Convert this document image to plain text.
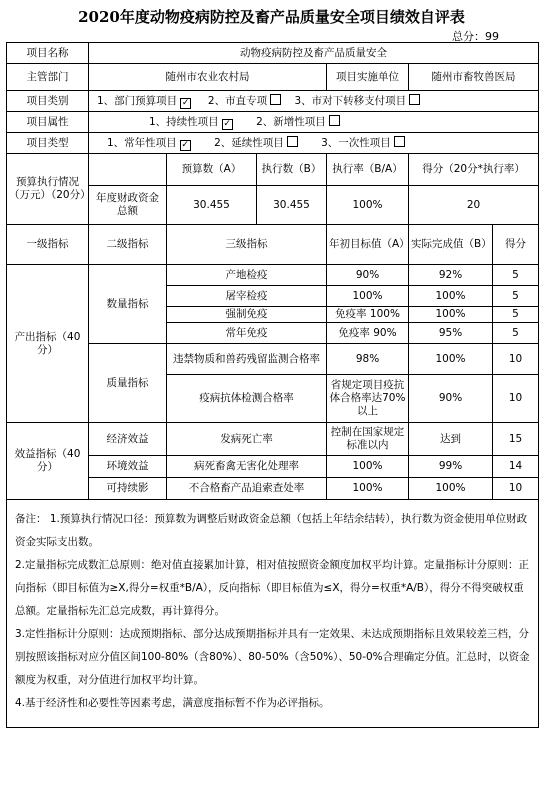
2020年度动物疫病防控及畜产品质量安全项目绩效自评表
总分：99
项目名称	动物疫病防控及畜产品质量安全					
主管部门	随州市农业农村局			项目实施单位	随州市畜牧兽医局	
项目类别	1、部门预算项目 ✓ 2、市直专项 3、市对下转移支付项目					
项目属性	1、持续性项目 ✓ 2、新增性项目					
项目类型	1、常年性项目 ✓ 2、延续性项目 3、一次性项目					
预算执行情况（万元）（20分）		预算数（A）	执行数（B）	执行率（B/A）	得分（20分*执行率）	
	年度财政资金总额	30.455	30.455	100%	20	
一级指标	二级指标	三级指标		年初目标值（A）	实际完成值（B）	得分
产出指标（40分）	数量指标	产地检疫		90%	92%	5
		屠宰检疫		100%	100%	5
		强制免疫		免疫率 100%	100%	5
		常年免疫		免疫率 90%	95%	5
	质量指标	违禁物质和兽药残留监测合格率		98%	100%	10
		疫病抗体检测合格率		省规定项目疫抗体合格率达70%以上	90%	10
效益指标（40分）	经济效益	发病死亡率		控制在国家规定标准以内	达到	15
	环境效益	病死畜禽无害化处理率		100%	99%	14
	可持续影	不合格畜产品追索查处率		100%	100%	10

备注： 1.预算执行情况口径：预算数为调整后财政资金总额（包括上年结余结转），执行数为资金使用单位财政资金实际支出数。

2.定量指标完成数汇总原则：绝对值直接累加计算，相对值按照资金额度加权平均计算。定量指标计分原则：正向指标（即目标值为≥X,得分=权重*B/A），反向指标（即目标值为≤X，得分=权重*A/B），得分不得突破权重总额。定量指标先汇总完成数，再计算得分。

3.定性指标计分原则：达成预期指标、部分达成预期指标并具有一定效果、未达成预期指标且效果较差三档，分别按照该指标对应分值区间100-80%（含80%）、80-50%（含50%）、50-0%合理确定分值。汇总时，以资金额度为权重，对分值进行加权平均计算。

4.基于经济性和必要性等因素考虑，满意度指标暂不作为必评指标。						
